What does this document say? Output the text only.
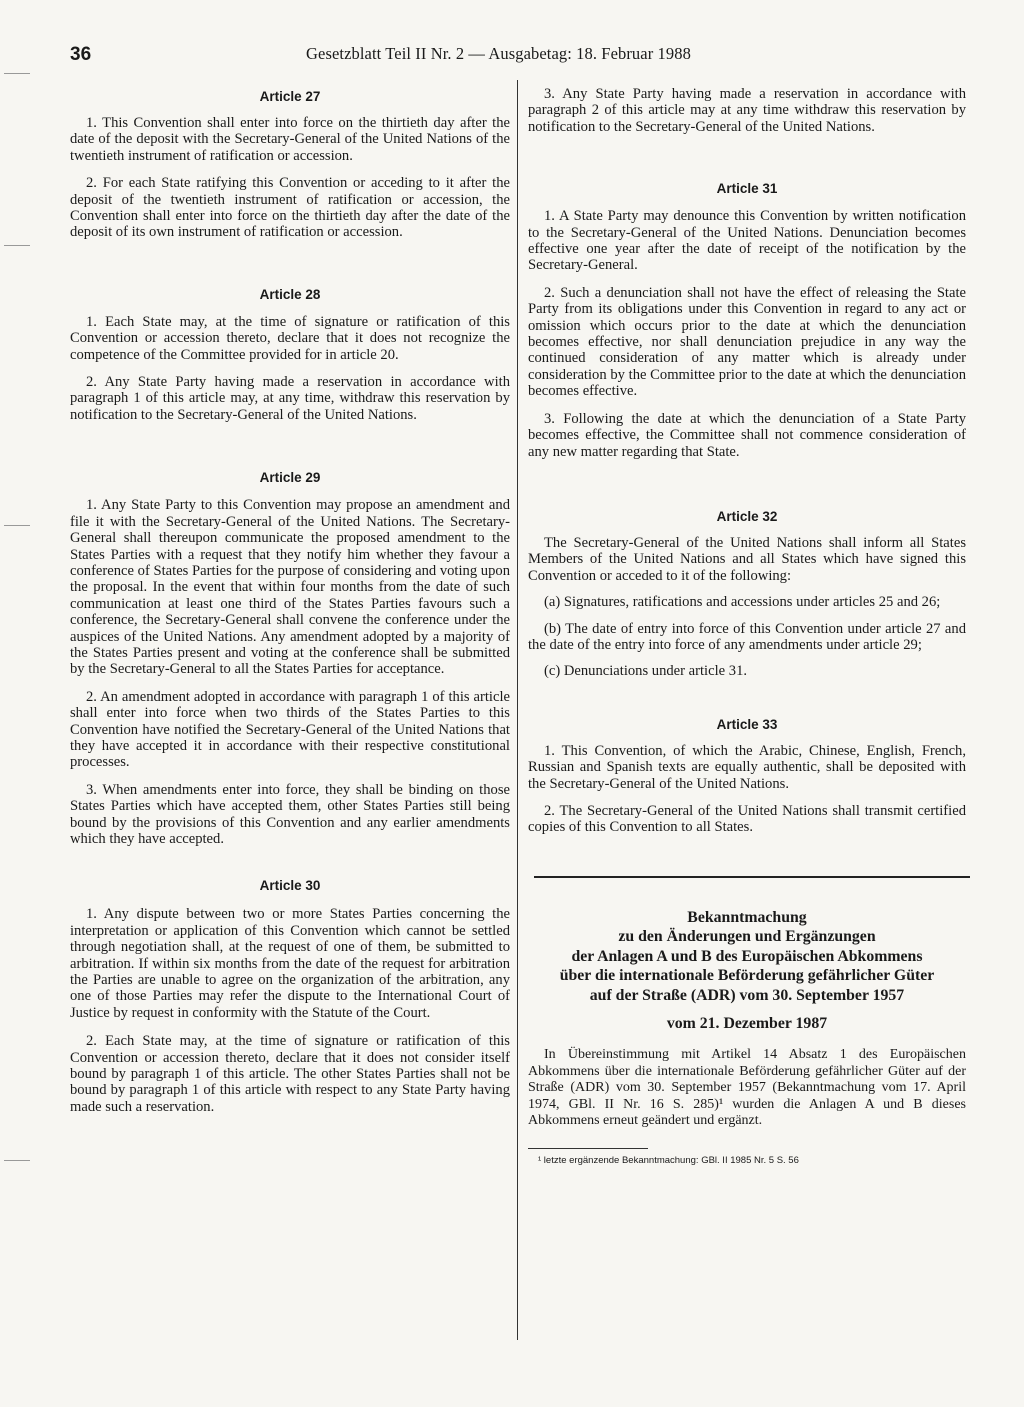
36	Gesetzblatt Teil II Nr. 2 — Ausgabetag: 18. Februar 1988

Article 27

1. This Convention shall enter into force on the thirtieth day after the date of the deposit with the Secretary-General of the United Nations of the twentieth instrument of ratification or accession.

2. For each State ratifying this Convention or acceding to it after the deposit of the twentieth instrument of ratification or accession, the Convention shall enter into force on the thirtieth day after the date of the deposit of its own instrument of ratification or accession.

Article 28

1. Each State may, at the time of signature or ratification of this Convention or accession thereto, declare that it does not recognize the competence of the Committee provided for in article 20.

2. Any State Party having made a reservation in accordance with paragraph 1 of this article may, at any time, withdraw this reservation by notification to the Secretary-General of the United Nations.

Article 29

1. Any State Party to this Convention may propose an amendment and file it with the Secretary-General of the United Nations. The Secretary-General shall thereupon communicate the proposed amendment to the States Parties with a request that they notify him whether they favour a conference of States Parties for the purpose of considering and voting upon the proposal. In the event that within four months from the date of such communication at least one third of the States Parties favours such a conference, the Secretary-General shall convene the conference under the auspices of the United Nations. Any amendment adopted by a majority of the States Parties present and voting at the conference shall be submitted by the Secretary-General to all the States Parties for acceptance.

2. An amendment adopted in accordance with paragraph 1 of this article shall enter into force when two thirds of the States Parties to this Convention have notified the Secretary-General of the United Nations that they have accepted it in accordance with their respective constitutional processes.

3. When amendments enter into force, they shall be binding on those States Parties which have accepted them, other States Parties still being bound by the provisions of this Convention and any earlier amendments which they have accepted.

Article 30

1. Any dispute between two or more States Parties concerning the interpretation or application of this Convention which cannot be settled through negotiation shall, at the request of one of them, be submitted to arbitration. If within six months from the date of the request for arbitration the Parties are unable to agree on the organization of the arbitration, any one of those Parties may refer the dispute to the International Court of Justice by request in conformity with the Statute of the Court.

2. Each State may, at the time of signature or ratification of this Convention or accession thereto, declare that it does not consider itself bound by paragraph 1 of this article. The other States Parties shall not be bound by paragraph 1 of this article with respect to any State Party having made such a reservation.

3. Any State Party having made a reservation in accordance with paragraph 2 of this article may at any time withdraw this reservation by notification to the Secretary-General of the United Nations.

Article 31

1. A State Party may denounce this Convention by written notification to the Secretary-General of the United Nations. Denunciation becomes effective one year after the date of receipt of the notification by the Secretary-General.

2. Such a denunciation shall not have the effect of releasing the State Party from its obligations under this Convention in regard to any act or omission which occurs prior to the date at which the denunciation becomes effective, nor shall denunciation prejudice in any way the continued consideration of any matter which is already under consideration by the Committee prior to the date at which the denunciation becomes effective.

3. Following the date at which the denunciation of a State Party becomes effective, the Committee shall not commence consideration of any new matter regarding that State.

Article 32

The Secretary-General of the United Nations shall inform all States Members of the United Nations and all States which have signed this Convention or acceded to it of the following:

(a) Signatures, ratifications and accessions under articles 25 and 26;

(b) The date of entry into force of this Convention under article 27 and the date of the entry into force of any amendments under article 29;

(c) Denunciations under article 31.

Article 33

1. This Convention, of which the Arabic, Chinese, English, French, Russian and Spanish texts are equally authentic, shall be deposited with the Secretary-General of the United Nations.

2. The Secretary-General of the United Nations shall transmit certified copies of this Convention to all States.

Bekanntmachung

zu den Änderungen und Ergänzungen

der Anlagen A und B des Europäischen Abkommens

über die internationale Beförderung gefährlicher Güter

auf der Straße (ADR) vom 30. September 1957

vom 21. Dezember 1987

In Übereinstimmung mit Artikel 14 Absatz 1 des Europäischen Abkommens über die internationale Beförderung gefährlicher Güter auf der Straße (ADR) vom 30. September 1957 (Bekanntmachung vom 17. April 1974, GBl. II Nr. 16 S. 285)¹ wurden die Anlagen A und B dieses Abkommens erneut geändert und ergänzt.

¹ letzte ergänzende Bekanntmachung: GBl. II 1985 Nr. 5 S. 56
